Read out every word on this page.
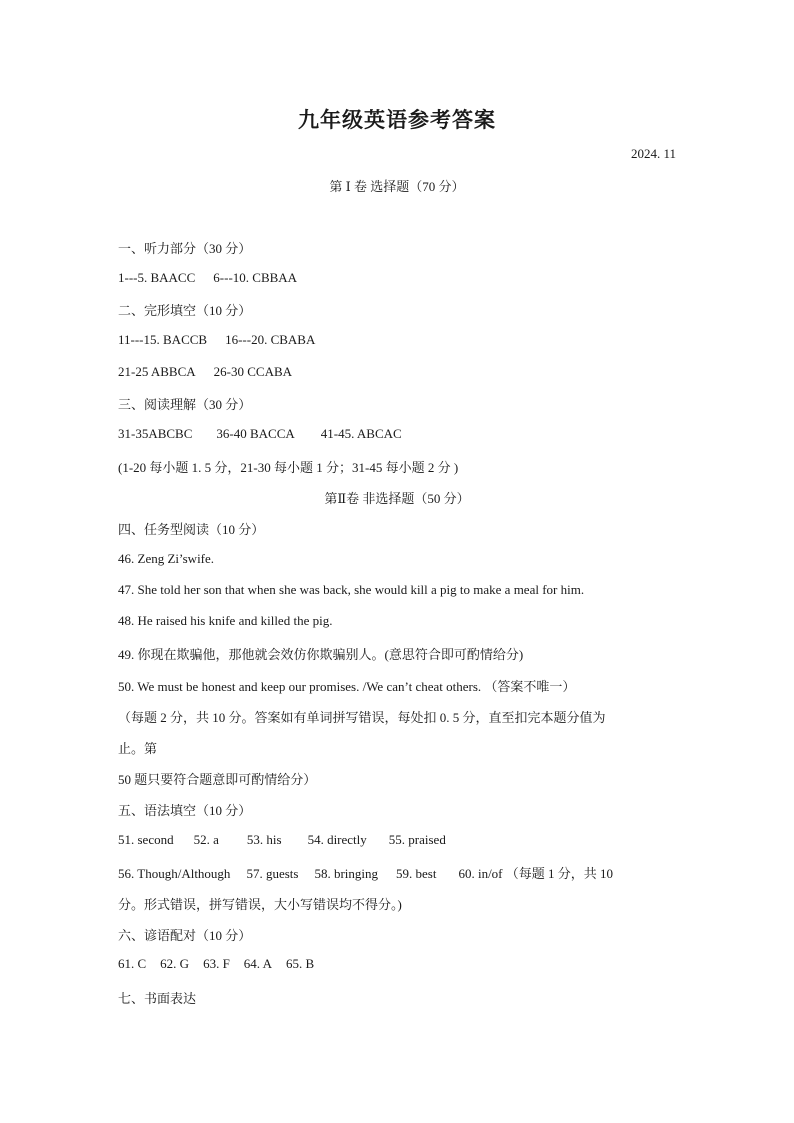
九年级英语参考答案
2024. 11
第 Ⅰ 卷 选择题（70 分）
一、听力部分（30 分）
1---5. BAACC 6---10. CBBAA
二、完形填空（10 分）
11---15. BACCB 16---20. CBABA
21-25 ABBCA 26-30 CCABA
三、阅读理解（30 分）
31-35ABCBC 36-40 BACCA 41-45. ABCAC
(1-20 每小题 1. 5 分，21-30 每小题 1 分；31-45 每小题 2 分 )
第Ⅱ卷 非选择题（50 分）
四、任务型阅读（10 分）
46. Zeng Zi’swife.
47. She told her son that when she was back, she would kill a pig to make a meal for him.
48. He raised his knife and killed the pig.
49. 你现在欺骗他，那他就会效仿你欺骗别人。(意思符合即可酌情给分)
50. We must be honest and keep our promises. /We can’t cheat others. （答案不唯一）
（每题 2 分，共 10 分。答案如有单词拼写错误，每处扣 0. 5 分，直至扣完本题分值为
止。第
50 题只要符合题意即可酌情给分）
五、语法填空（10 分）
51. second 52. a 53. his 54. directly 55. praised
56. Though/Although 57. guests 58. bringing 59. best 60. in/of （每题 1 分，共 10
分。形式错误，拼写错误，大小写错误均不得分。)
六、谚语配对（10 分）
61. C 62. G 63. F 64. A 65. B
七、书面表达
